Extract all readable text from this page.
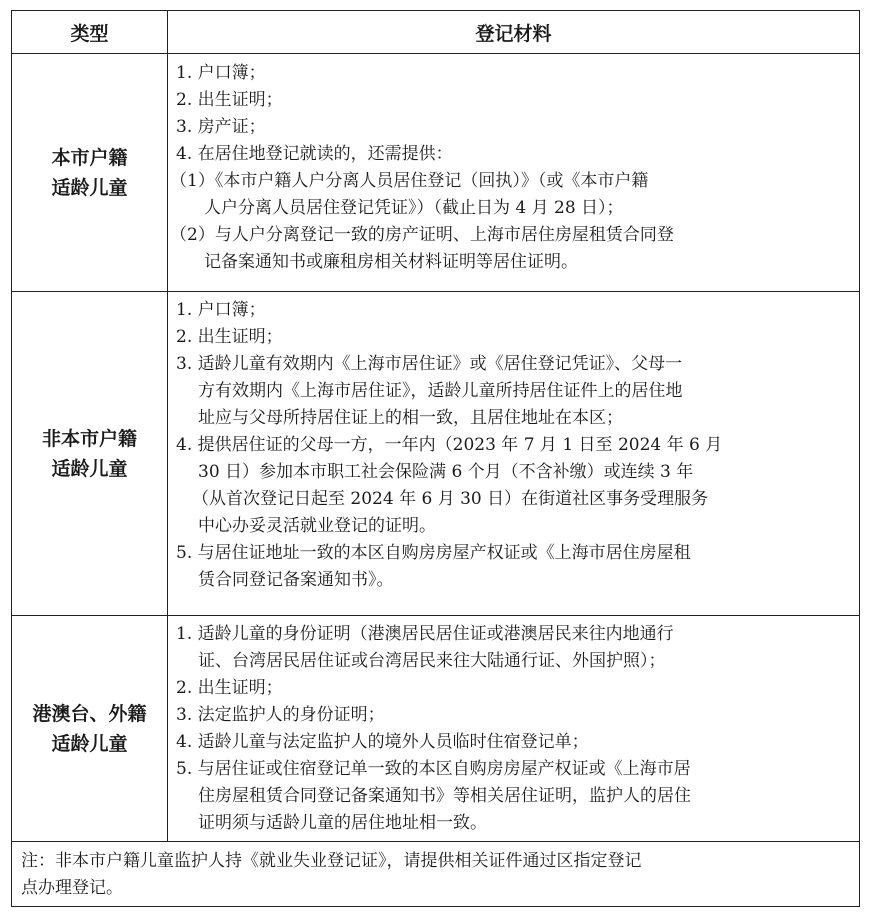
类型	登记材料
本市户籍
适龄儿童
1. 户口簿；
2. 出生证明；
3. 房产证；
4. 在居住地登记就读的，还需提供：
（1）《本市户籍人户分离人员居住登记（回执）》（或《本市户籍
人户分离人员居住登记凭证》）（截止日为 4 月 28 日）；
（2）与人户分离登记一致的房产证明、上海市居住房屋租赁合同登
记备案通知书或廉租房相关材料证明等居住证明。
非本市户籍
适龄儿童
1. 户口簿；
2. 出生证明；
3. 适龄儿童有效期内《上海市居住证》或《居住登记凭证》、父母一
方有效期内《上海市居住证》，适龄儿童所持居住证件上的居住地
址应与父母所持居住证上的相一致，且居住地址在本区；
4. 提供居住证的父母一方，一年内（2023 年 7 月 1 日至 2024 年 6 月
30 日）参加本市职工社会保险满 6 个月（不含补缴）或连续 3 年
（从首次登记日起至 2024 年 6 月 30 日）在街道社区事务受理服务
中心办妥灵活就业登记的证明。
5. 与居住证地址一致的本区自购房房屋产权证或《上海市居住房屋租
赁合同登记备案通知书》。
港澳台、外籍
适龄儿童
1. 适龄儿童的身份证明（港澳居民居住证或港澳居民来往内地通行
证、台湾居民居住证或台湾居民来往大陆通行证、外国护照）；
2. 出生证明；
3. 法定监护人的身份证明；
4. 适龄儿童与法定监护人的境外人员临时住宿登记单；
5. 与居住证或住宿登记单一致的本区自购房房屋产权证或《上海市居
住房屋租赁合同登记备案通知书》等相关居住证明，监护人的居住
证明须与适龄儿童的居住地址相一致。
注：非本市户籍儿童监护人持《就业失业登记证》，请提供相关证件通过区指定登记
点办理登记。
